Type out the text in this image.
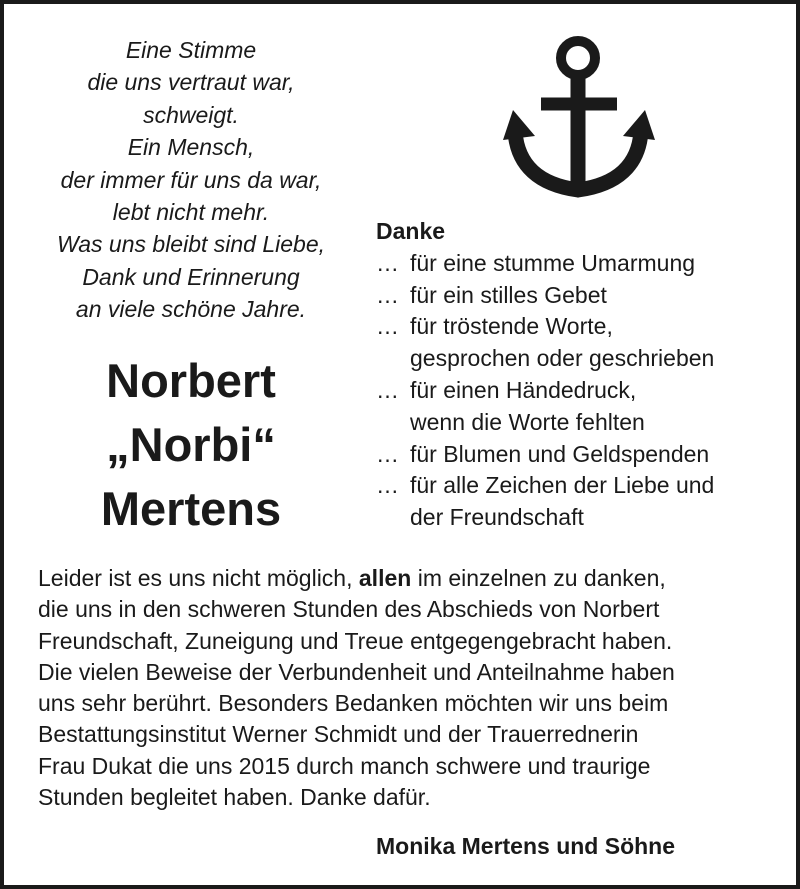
Eine Stimme
die uns vertraut war,
schweigt.
Ein Mensch,
der immer für uns da war,
lebt nicht mehr.
Was uns bleibt sind Liebe,
Dank und Erinnerung
an viele schöne Jahre.
Norbert
„Norbi“
Mertens
Danke
… für eine stumme Umarmung
… für ein stilles Gebet
… für tröstende Worte,
gesprochen oder geschrieben
… für einen Händedruck,
wenn die Worte fehlten
… für Blumen und Geldspenden
… für alle Zeichen der Liebe und
der Freundschaft
Leider ist es uns nicht möglich, allen im einzelnen zu danken,
die uns in den schweren Stunden des Abschieds von Norbert
Freundschaft, Zuneigung und Treue entgegengebracht haben.
Die vielen Beweise der Verbundenheit und Anteilnahme haben
uns sehr berührt. Besonders Bedanken möchten wir uns beim
Bestattungsinstitut Werner Schmidt und der Trauerrednerin
Frau Dukat die uns 2015 durch manch schwere und traurige
Stunden begleitet haben. Danke dafür.
Monika Mertens und Söhne
